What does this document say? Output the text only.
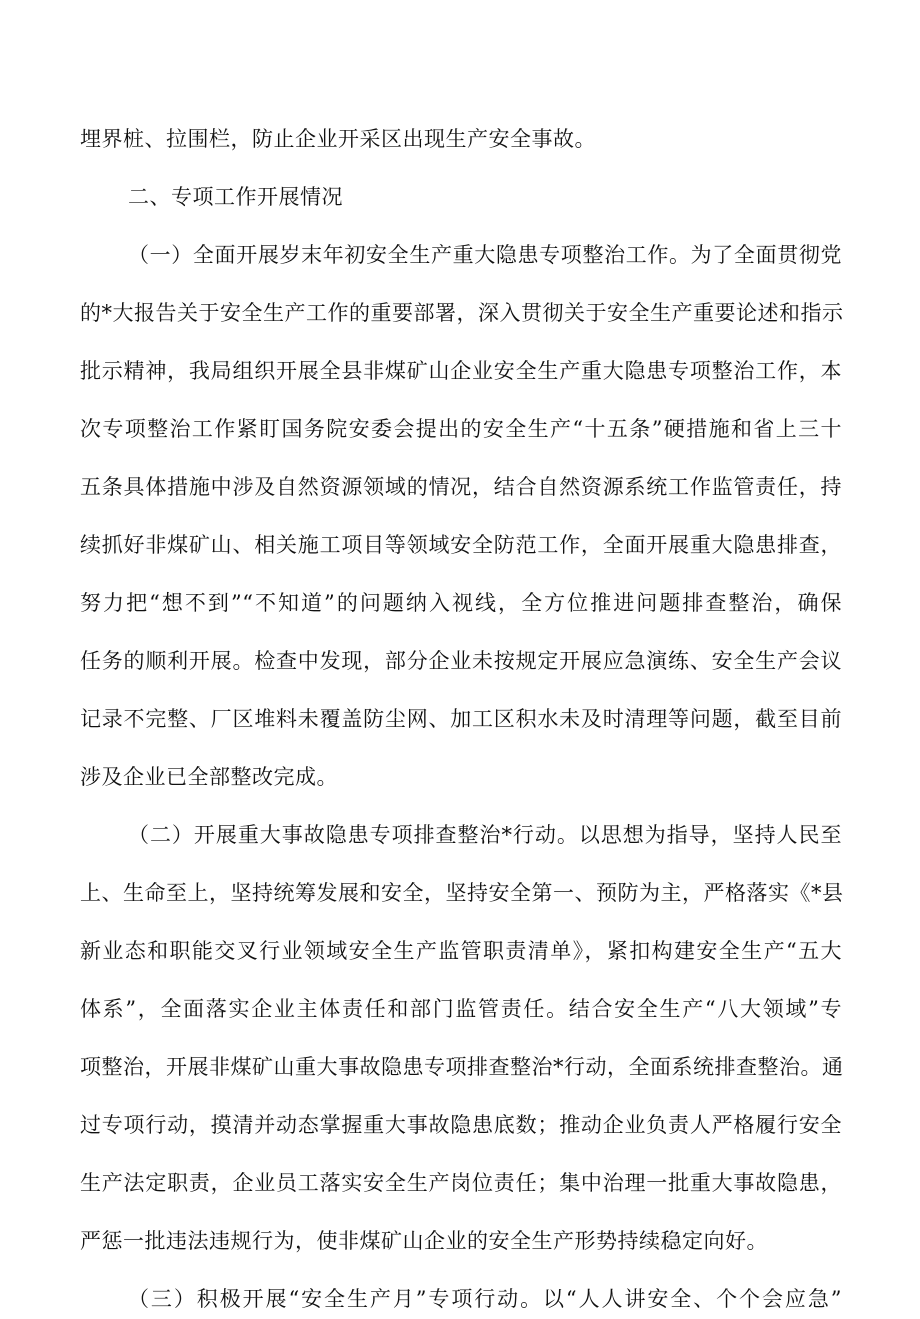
埋界桩、拉围栏，防止企业开采区出现生产安全事故。
二、专项工作开展情况
（一）全面开展岁末年初安全生产重大隐患专项整治工作。为了全面贯彻党
的*大报告关于安全生产工作的重要部署，深入贯彻关于安全生产重要论述和指示
批示精神，我局组织开展全县非煤矿山企业安全生产重大隐患专项整治工作，本
次专项整治工作紧盯国务院安委会提出的安全生产“十五条”硬措施和省上三十
五条具体措施中涉及自然资源领域的情况，结合自然资源系统工作监管责任，持
续抓好非煤矿山、相关施工项目等领域安全防范工作，全面开展重大隐患排查，
努力把“想不到”“不知道”的问题纳入视线，全方位推进问题排查整治，确保
任务的顺利开展。检查中发现，部分企业未按规定开展应急演练、安全生产会议
记录不完整、厂区堆料未覆盖防尘网、加工区积水未及时清理等问题，截至目前
涉及企业已全部整改完成。
（二）开展重大事故隐患专项排查整治*行动。以思想为指导，坚持人民至
上、生命至上，坚持统筹发展和安全，坚持安全第一、预防为主，严格落实《*县
新业态和职能交叉行业领域安全生产监管职责清单》，紧扣构建安全生产“五大
体系”，全面落实企业主体责任和部门监管责任。结合安全生产“八大领域”专
项整治，开展非煤矿山重大事故隐患专项排查整治*行动，全面系统排查整治。通
过专项行动，摸清并动态掌握重大事故隐患底数；推动企业负责人严格履行安全
生产法定职责，企业员工落实安全生产岗位责任；集中治理一批重大事故隐患，
严惩一批违法违规行为，使非煤矿山企业的安全生产形势持续稳定向好。
（三）积极开展“安全生产月”专项行动。以“人人讲安全、个个会应急”
